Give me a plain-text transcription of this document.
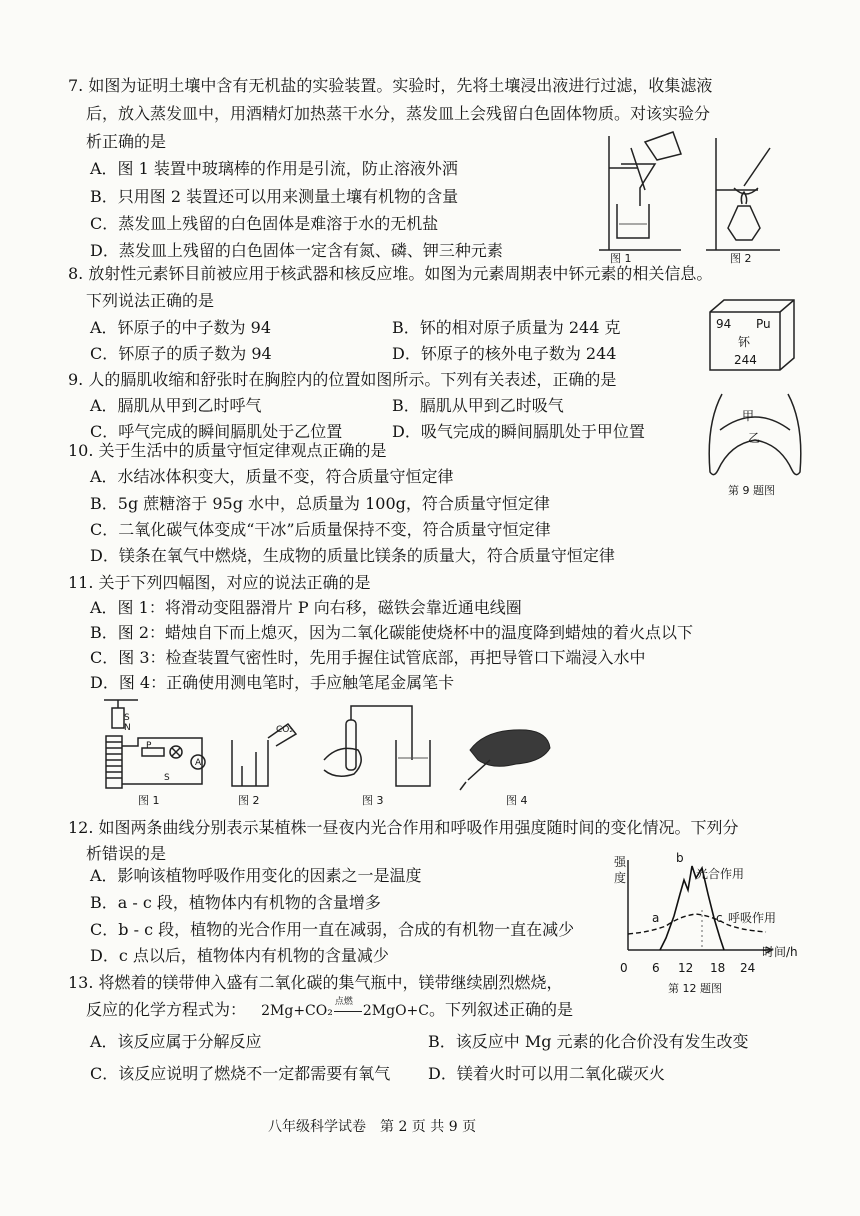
7. 如图为证明土壤中含有无机盐的实验装置。实验时，先将土壤浸出液进行过滤，收集滤液
后，放入蒸发皿中，用酒精灯加热蒸干水分，蒸发皿上会残留白色固体物质。对该实验分
析正确的是
A．图 1 装置中玻璃棒的作用是引流，防止溶液外洒
B．只用图 2 装置还可以用来测量土壤有机物的含量
C．蒸发皿上残留的白色固体是难溶于水的无机盐
D．蒸发皿上残留的白色固体一定含有氮、磷、钾三种元素	图 1	图 2
8. 放射性元素钚目前被应用于核武器和核反应堆。如图为元素周期表中钚元素的相关信息。
下列说法正确的是
A．钚原子的中子数为 94	B．钚的相对原子质量为 244 克
C．钚原子的质子数为 94	D．钚原子的核外电子数为 244
94 Pu
钚
244
9. 人的膈肌收缩和舒张时在胸腔内的位置如图所示。下列有关表述，正确的是
A．膈肌从甲到乙时呼气	B．膈肌从甲到乙时吸气
C．呼气完成的瞬间膈肌处于乙位置	D．吸气完成的瞬间膈肌处于甲位置
甲
乙
第 9 题图
10. 关于生活中的质量守恒定律观点正确的是
A．水结冰体积变大，质量不变，符合质量守恒定律
B．5g 蔗糖溶于 95g 水中，总质量为 100g，符合质量守恒定律
C．二氧化碳气体变成“干冰”后质量保持不变，符合质量守恒定律
D．镁条在氧气中燃烧，生成物的质量比镁条的质量大，符合质量守恒定律
11. 关于下列四幅图，对应的说法正确的是
A．图 1：将滑动变阻器滑片 P 向右移，磁铁会靠近通电线圈
B．图 2：蜡烛自下而上熄灭，因为二氧化碳能使烧杯中的温度降到蜡烛的着火点以下
C．图 3：检查装置气密性时，先用手握住试管底部，再把导管口下端浸入水中
D．图 4：正确使用测电笔时，手应触笔尾金属笔卡
S
N
P
A
S
图 1
CO₂
图 2	图 3	图 4
12. 如图两条曲线分别表示某植株一昼夜内光合作用和呼吸作用强度随时间的变化情况。下列分
析错误的是
A．影响该植物呼吸作用变化的因素之一是温度
B．a - c 段，植物体内有机物的含量增多
C．b - c 段，植物的光合作用一直在减弱，合成的有机物一直在减少
D．c 点以后，植物体内有机物的含量减少
强
度
b
光合作用
a	c 呼吸作用
时间/h
0 6 12 18 24
第 12 题图
13. 将燃着的镁带伸入盛有二氧化碳的集气瓶中，镁带继续剧烈燃烧，
反应的化学方程式为： 2Mg+CO₂
点燃
2MgO+C。下列叙述正确的是
A．该反应属于分解反应	B．该反应中 Mg 元素的化合价没有发生改变
C．该反应说明了燃烧不一定都需要有氧气 D．镁着火时可以用二氧化碳灭火
八年级科学试卷 第 2 页 共 9 页
